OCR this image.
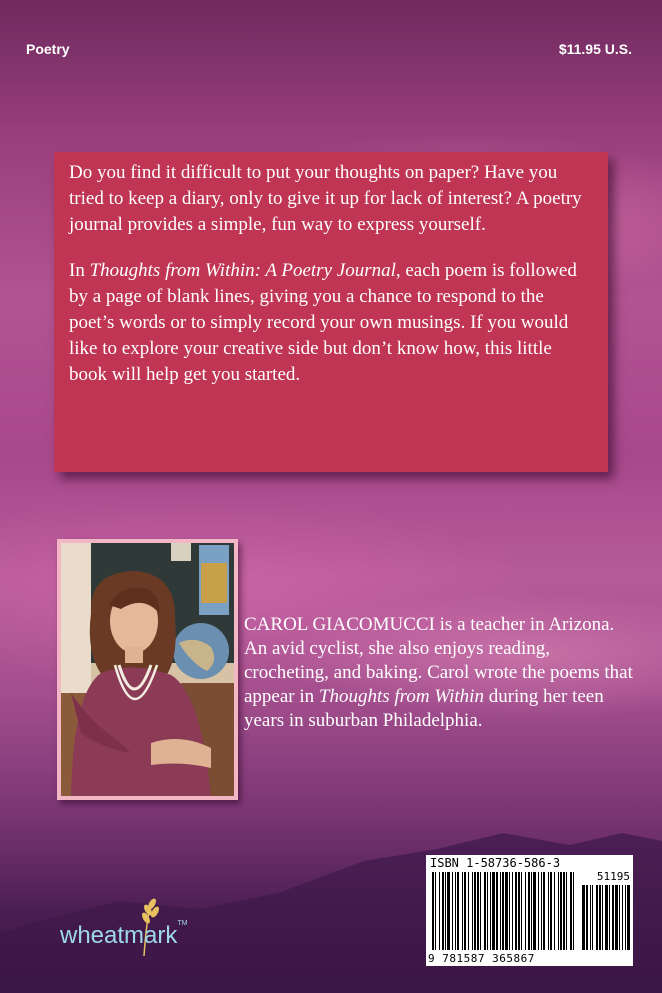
Poetry	$11.95 U.S.

Do you find it difficult to put your thoughts on paper? Have you tried to keep a diary, only to give it up for lack of interest? A poetry journal provides a simple, fun way to express yourself.

In Thoughts from Within: A Poetry Journal, each poem is followed by a page of blank lines, giving you a chance to respond to the poet’s words or to simply record your own musings. If you would like to explore your creative side but don’t know how, this little book will help get you started.

CAROL GIACOMUCCI is a teacher in Arizona. An avid cyclist, she also enjoys reading, crocheting, and baking. Carol wrote the poems that appear in Thoughts from Within during her teen years in suburban Philadelphia.
wheatmark™
ISBN 1-58736-586-3
51195
9 781587 365867
